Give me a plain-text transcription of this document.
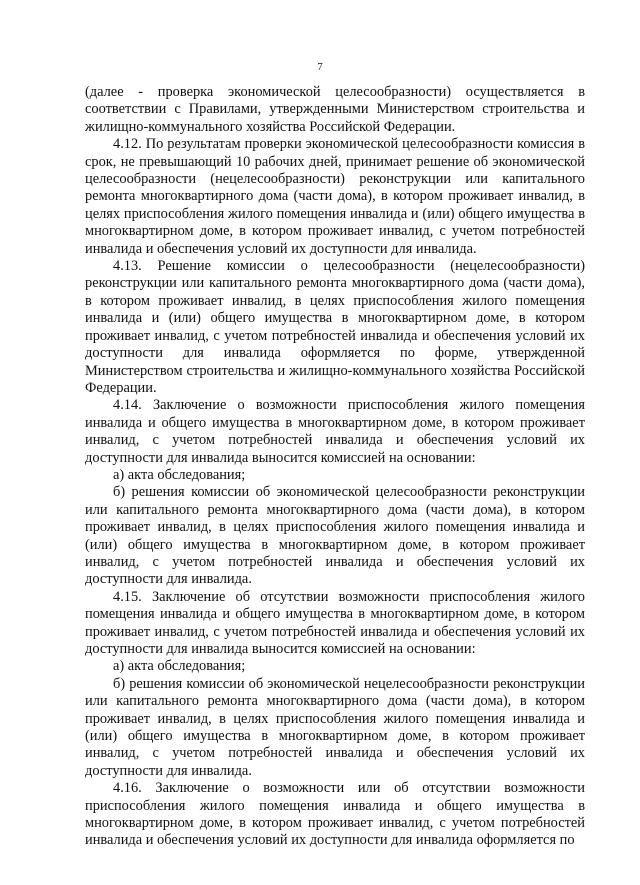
7

(далее - проверка экономической целесообразности) осуществляется в соответствии с Правилами, утвержденными Министерством строительства и жилищно-коммунального хозяйства Российской Федерации.

4.12. По результатам проверки экономической целесообразности комиссия в срок, не превышающий 10 рабочих дней, принимает решение об экономической целесообразности (нецелесообразности) реконструкции или капитального ремонта многоквартирного дома (части дома), в котором проживает инвалид, в целях приспособления жилого помещения инвалида и (или) общего имущества в многоквартирном доме, в котором проживает инвалид, с учетом потребностей инвалида и обеспечения условий их доступности для инвалида.

4.13. Решение комиссии о целесообразности (нецелесообразности) реконструкции или капитального ремонта многоквартирного дома (части дома), в котором проживает инвалид, в целях приспособления жилого помещения инвалида и (или) общего имущества в многоквартирном доме, в котором проживает инвалид, с учетом потребностей инвалида и обеспечения условий их доступности для инвалида оформляется по форме, утвержденной Министерством строительства и жилищно-коммунального хозяйства Российской Федерации.

4.14. Заключение о возможности приспособления жилого помещения инвалида и общего имущества в многоквартирном доме, в котором проживает инвалид, с учетом потребностей инвалида и обеспечения условий их доступности для инвалида выносится комиссией на основании:

а) акта обследования;

б) решения комиссии об экономической целесообразности реконструкции или капитального ремонта многоквартирного дома (части дома), в котором проживает инвалид, в целях приспособления жилого помещения инвалида и (или) общего имущества в многоквартирном доме, в котором проживает инвалид, с учетом потребностей инвалида и обеспечения условий их доступности для инвалида.

4.15. Заключение об отсутствии возможности приспособления жилого помещения инвалида и общего имущества в многоквартирном доме, в котором проживает инвалид, с учетом потребностей инвалида и обеспечения условий их доступности для инвалида выносится комиссией на основании:

а) акта обследования;

б) решения комиссии об экономической нецелесообразности реконструкции или капитального ремонта многоквартирного дома (части дома), в котором проживает инвалид, в целях приспособления жилого помещения инвалида и (или) общего имущества в многоквартирном доме, в котором проживает инвалид, с учетом потребностей инвалида и обеспечения условий их доступности для инвалида.

4.16. Заключение о возможности или об отсутствии возможности приспособления жилого помещения инвалида и общего имущества в многоквартирном доме, в котором проживает инвалид, с учетом потребностей инвалида и обеспечения условий их доступности для инвалида оформляется по
